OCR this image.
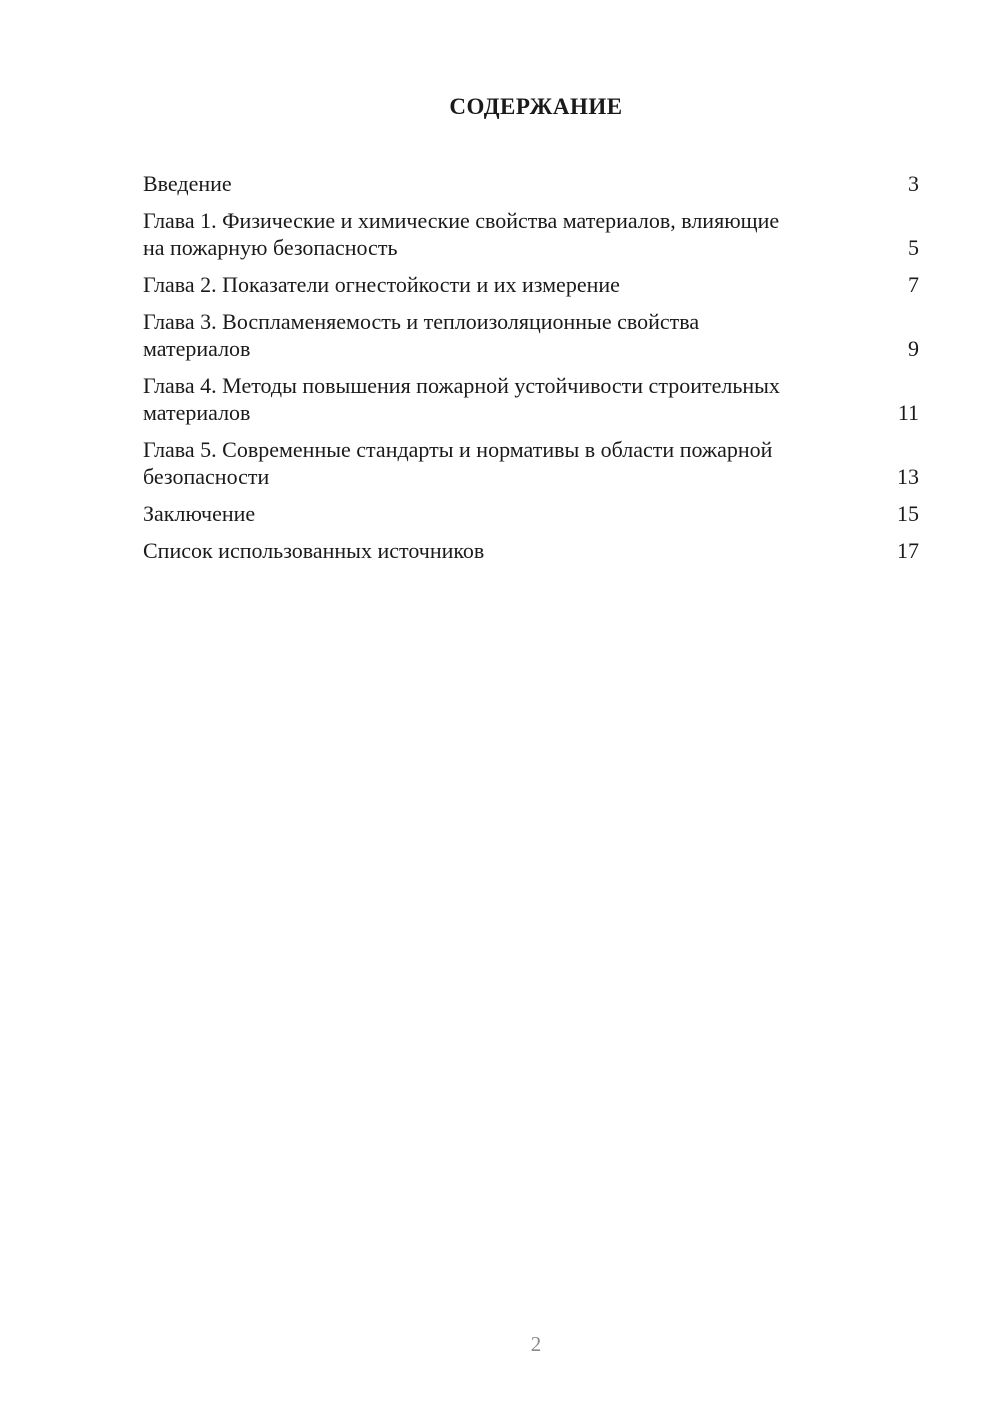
СОДЕРЖАНИЕ
Введение	3
Глава 1. Физические и химические свойства материалов, влияющие на пожарную безопасность	5
Глава 2. Показатели огнестойкости и их измерение	7
Глава 3. Воспламеняемость и теплоизоляционные свойства материалов	9
Глава 4. Методы повышения пожарной устойчивости строительных материалов	11
Глава 5. Современные стандарты и нормативы в области пожарной безопасности	13
Заключение	15
Список использованных источников	17
2
